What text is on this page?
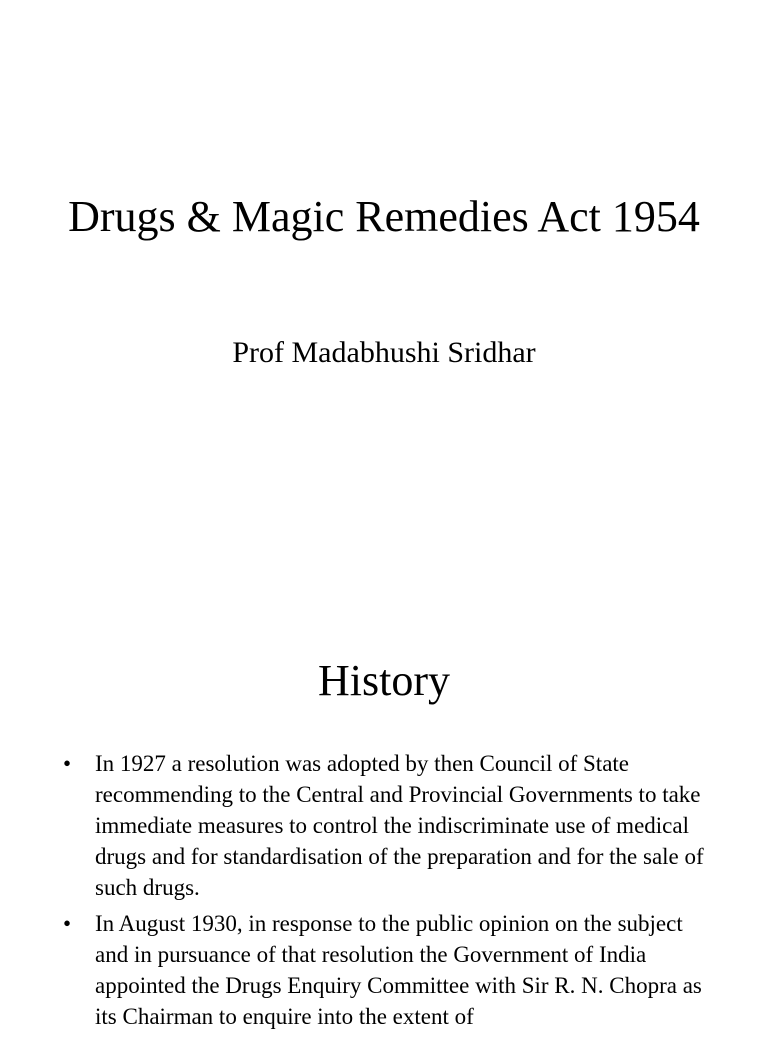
Drugs & Magic Remedies Act 1954
Prof Madabhushi Sridhar
History
•	In 1927 a resolution was adopted by then Council of State recommending to the Central and Provincial Governments to take immediate measures to control the indiscriminate use of medical drugs and for standardisation of the preparation and for the sale of such drugs.
•	In August 1930, in response to the public opinion on the subject and in pursuance of that resolution the Government of India appointed the Drugs Enquiry Committee with Sir R. N. Chopra as its Chairman to enquire into the extent of
